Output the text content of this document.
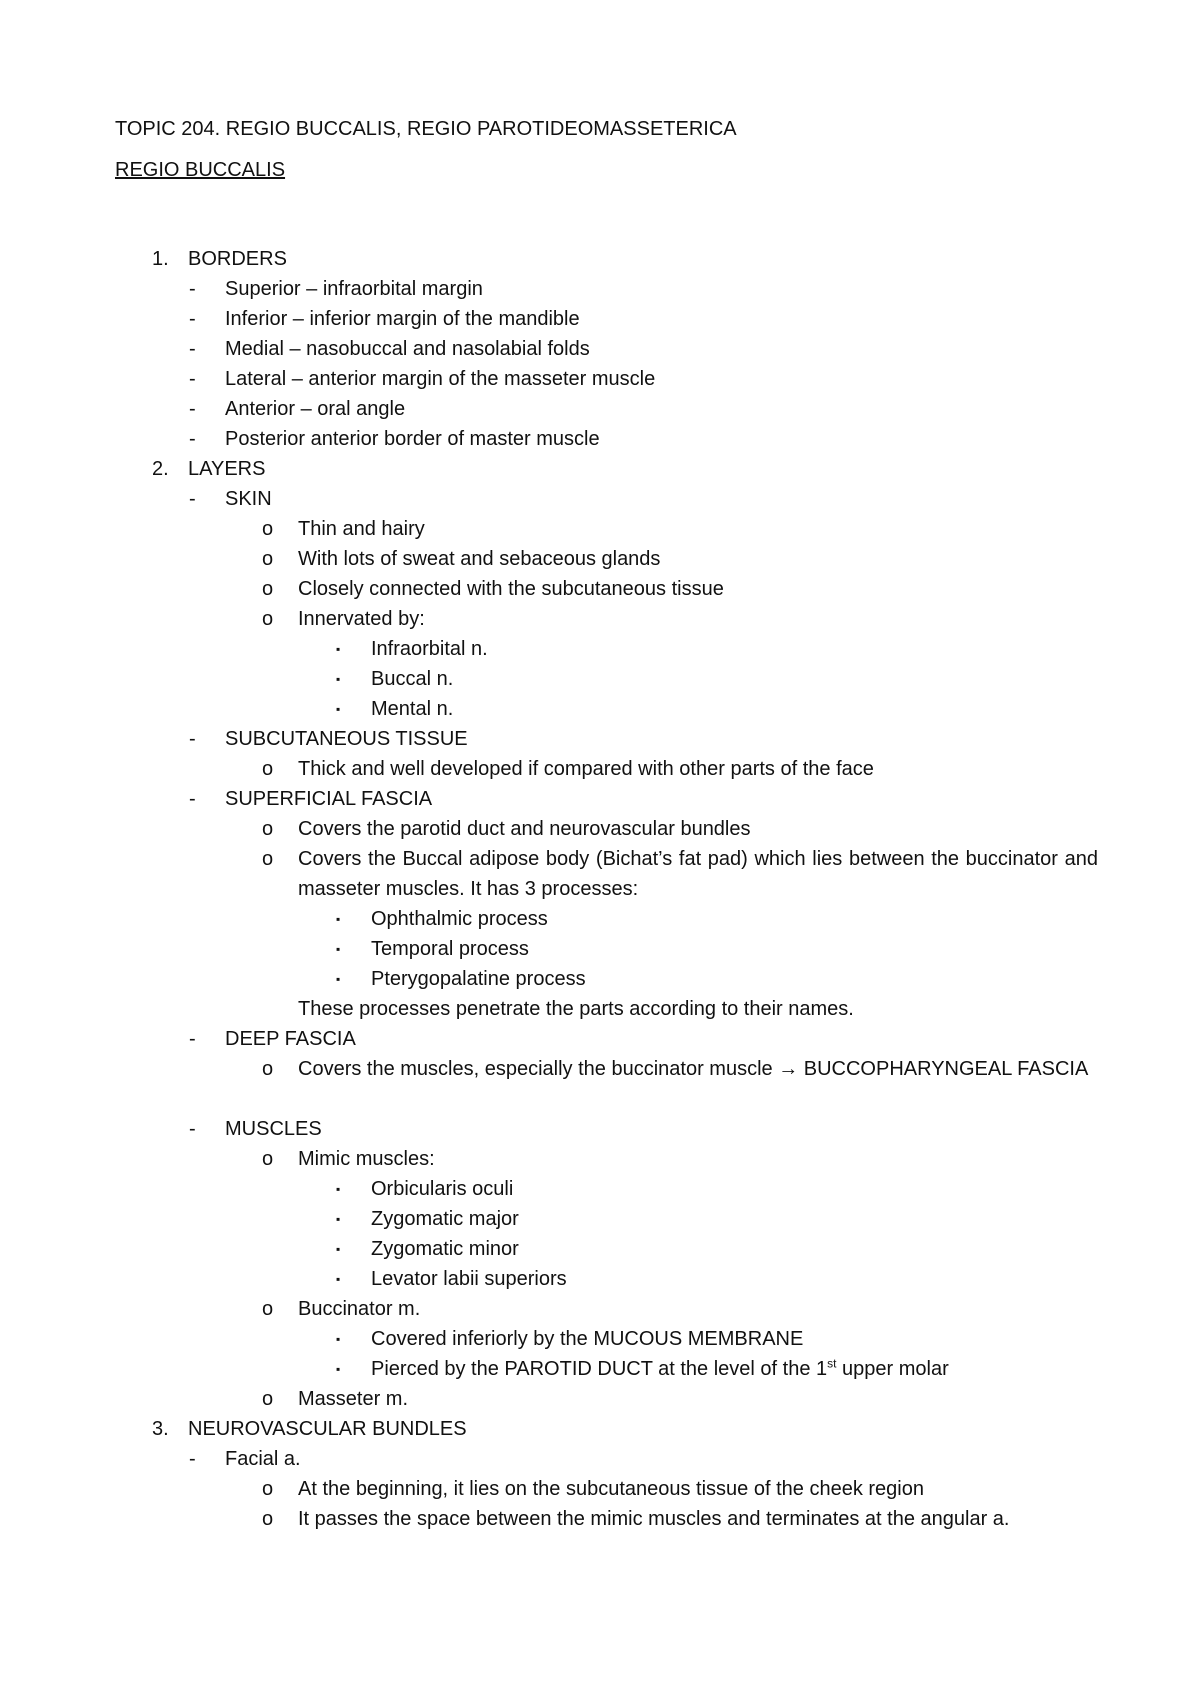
TOPIC 204. REGIO BUCCALIS, REGIO PAROTIDEOMASSETERICA
REGIO BUCCALIS
1. BORDERS
- Superior – infraorbital margin
- Inferior – inferior margin of the mandible
- Medial – nasobuccal and nasolabial folds
- Lateral – anterior margin of the masseter muscle
- Anterior – oral angle
- Posterior anterior border of master muscle
2. LAYERS
- SKIN
o Thin and hairy
o With lots of sweat and sebaceous glands
o Closely connected with the subcutaneous tissue
o Innervated by:
▪ Infraorbital n.
▪ Buccal n.
▪ Mental n.
- SUBCUTANEOUS TISSUE
o Thick and well developed if compared with other parts of the face
- SUPERFICIAL FASCIA
o Covers the parotid duct and neurovascular bundles
o Covers the Buccal adipose body (Bichat’s fat pad) which lies between the buccinator and masseter muscles. It has 3 processes:
▪ Ophthalmic process
▪ Temporal process
▪ Pterygopalatine process
These processes penetrate the parts according to their names.
- DEEP FASCIA
o Covers the muscles, especially the buccinator muscle → BUCCOPHARYNGEAL FASCIA
- MUSCLES
o Mimic muscles:
▪ Orbicularis oculi
▪ Zygomatic major
▪ Zygomatic minor
▪ Levator labii superiors
o Buccinator m.
▪ Covered inferiorly by the MUCOUS MEMBRANE
▪ Pierced by the PAROTID DUCT at the level of the 1st upper molar
o Masseter m.
3. NEUROVASCULAR BUNDLES
- Facial a.
o At the beginning, it lies on the subcutaneous tissue of the cheek region
o It passes the space between the mimic muscles and terminates at the angular a.
